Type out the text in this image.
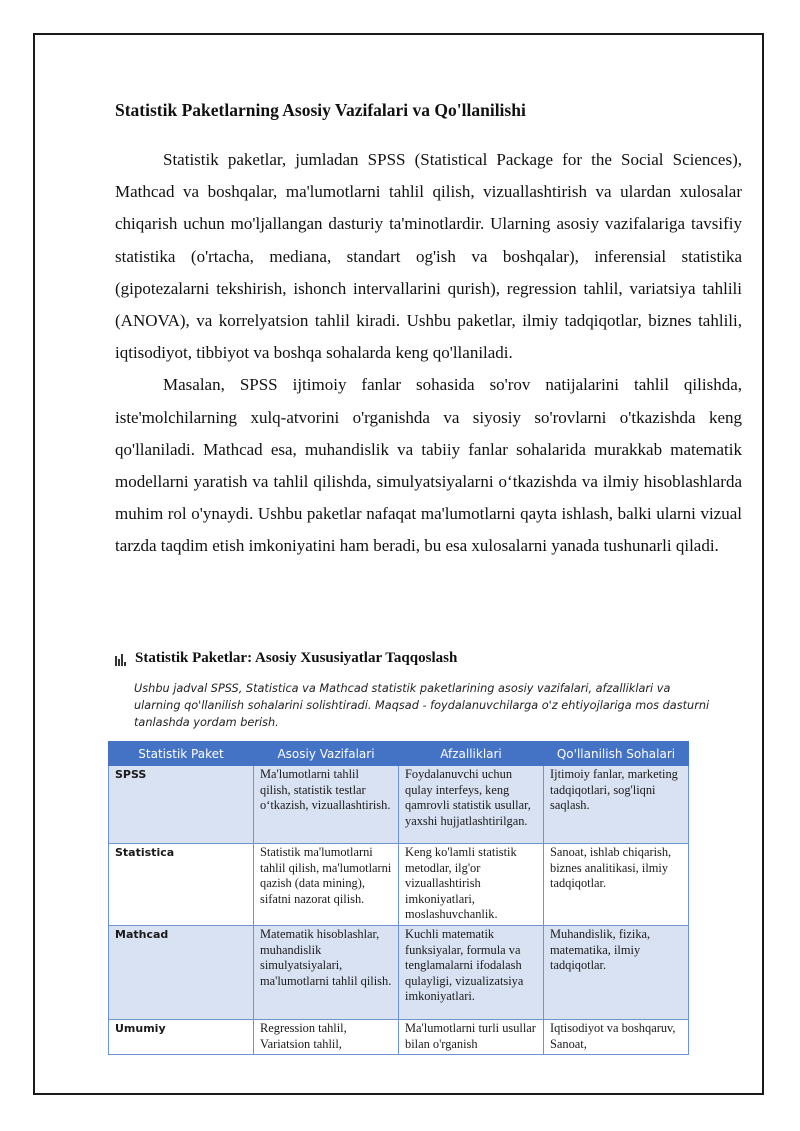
Statistik Paketlarning Asosiy Vazifalari va Qo'llanilishi

Statistik paketlar, jumladan SPSS (Statistical Package for the Social Sciences), Mathcad va boshqalar, ma'lumotlarni tahlil qilish, vizuallashtirish va ulardan xulosalar chiqarish uchun mo'ljallangan dasturiy ta'minotlardir. Ularning asosiy vazifalariga tavsifiy statistika (o'rtacha, mediana, standart og'ish va boshqalar), inferensial statistika (gipotezalarni tekshirish, ishonch intervallarini qurish), regression tahlil, variatsiya tahlili (ANOVA), va korrelyatsion tahlil kiradi. Ushbu paketlar, ilmiy tadqiqotlar, biznes tahlili, iqtisodiyot, tibbiyot va boshqa sohalarda keng qo'llaniladi.

Masalan, SPSS ijtimoiy fanlar sohasida so'rov natijalarini tahlil qilishda, iste'molchilarning xulq-atvorini o'rganishda va siyosiy so'rovlarni o'tkazishda keng qo'llaniladi. Mathcad esa, muhandislik va tabiiy fanlar sohalarida murakkab matematik modellarni yaratish va tahlil qilishda, simulyatsiyalarni o‘tkazishda va ilmiy hisoblashlarda muhim rol o'ynaydi. Ushbu paketlar nafaqat ma'lumotlarni qayta ishlash, balki ularni vizual tarzda taqdim etish imkoniyatini ham beradi, bu esa xulosalarni yanada tushunarli qiladi.

Statistik Paketlar: Asosiy Xususiyatlar Taqqoslash
Ushbu jadval SPSS, Statistica va Mathcad statistik paketlarining asosiy vazifalari, afzalliklari va ularning qo'llanilish sohalarini solishtiradi. Maqsad - foydalanuvchilarga o'z ehtiyojlariga mos dasturni tanlashda yordam berish.
Statistik Paket	Asosiy Vazifalari	Afzalliklari	Qo'llanilish Sohalari
SPSS	Ma'lumotlarni tahlil qilish, statistik testlar o‘tkazish, vizuallashtirish.	Foydalanuvchi uchun qulay interfeys, keng qamrovli statistik usullar, yaxshi hujjatlashtirilgan.	Ijtimoiy fanlar, marketing tadqiqotlari, sog'liqni saqlash.
Statistica	Statistik ma'lumotlarni tahlil qilish, ma'lumotlarni qazish (data mining), sifatni nazorat qilish.	Keng ko'lamli statistik metodlar, ilg'or vizuallashtirish imkoniyatlari, moslashuvchanlik.	Sanoat, ishlab chiqarish, biznes analitikasi, ilmiy tadqiqotlar.
Mathcad	Matematik hisoblashlar, muhandislik simulyatsiyalari, ma'lumotlarni tahlil qilish.	Kuchli matematik funksiyalar, formula va tenglamalarni ifodalash qulayligi, vizualizatsiya imkoniyatlari.	Muhandislik, fizika, matematika, ilmiy tadqiqotlar.
Umumiy	Regression tahlil, Variatsion tahlil,	Ma'lumotlarni turli usullar bilan o'rganish	Iqtisodiyot va boshqaruv, Sanoat,
